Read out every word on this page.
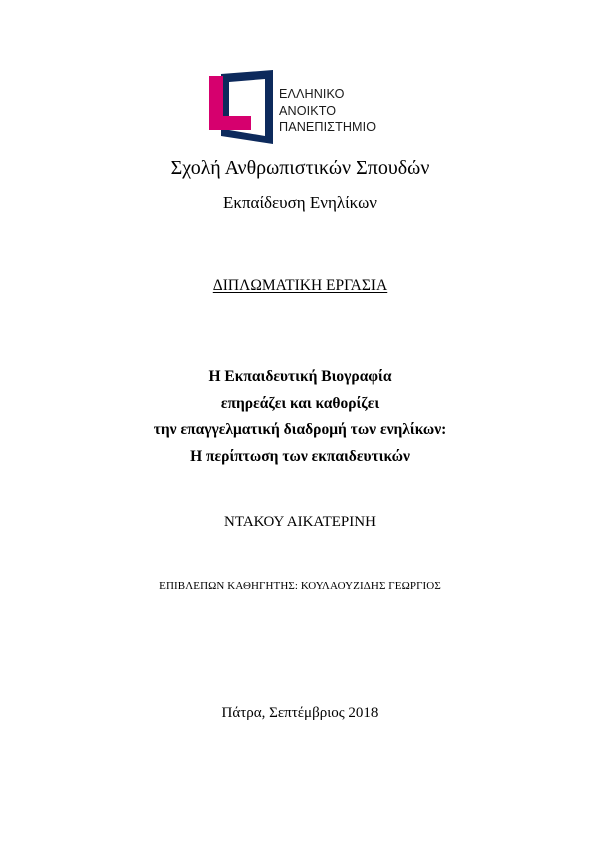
ΕΛΛΗΝΙΚΟ
ΑΝΟΙΚΤΟ
ΠΑΝΕΠΙΣΤΗΜΙΟ
Σχολή Ανθρωπιστικών Σπουδών
Εκπαίδευση Ενηλίκων
ΔΙΠΛΩΜΑΤΙΚΗ ΕΡΓΑΣΙΑ
Η Εκπαιδευτική Βιογραφία
επηρεάζει και καθορίζει
την επαγγελματική διαδρομή των ενηλίκων:
Η περίπτωση των εκπαιδευτικών
ΝΤΑΚΟΥ ΑΙΚΑΤΕΡΙΝΗ
ΕΠΙΒΛΕΠΩΝ ΚΑΘΗΓΗΤΗΣ: ΚΟΥΛΑΟΥΖΙΔΗΣ ΓΕΩΡΓΙΟΣ
Πάτρα, Σεπτέμβριος 2018
